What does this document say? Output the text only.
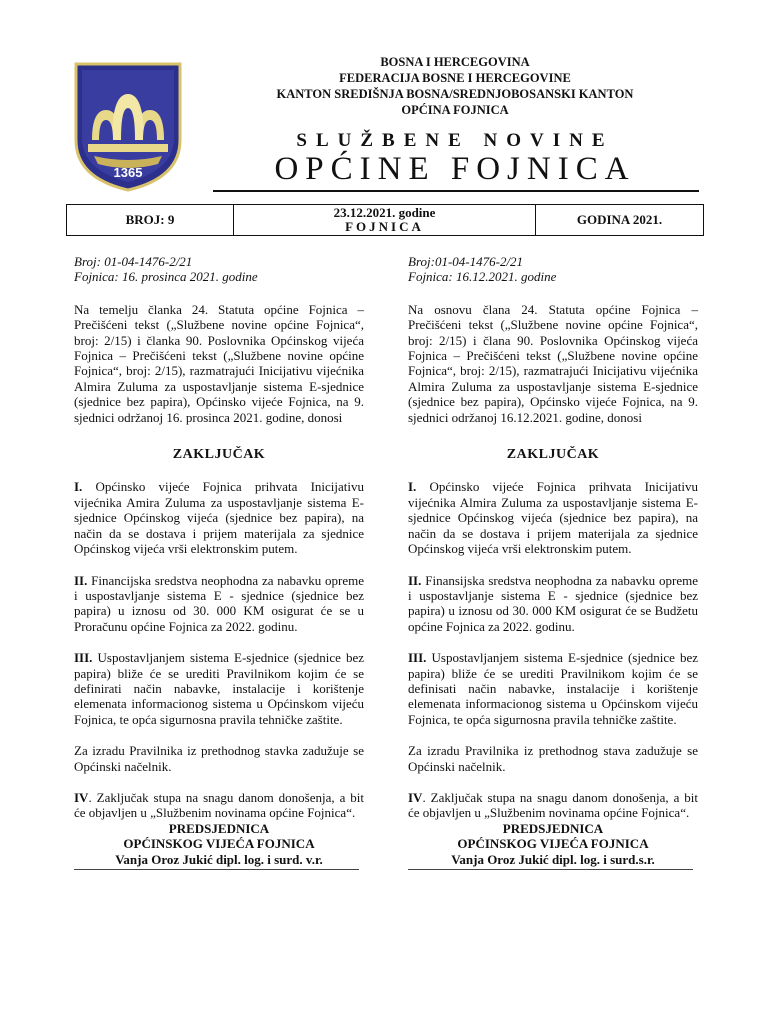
1365
BOSNA I HERCEGOVINA
FEDERACIJA BOSNE I HERCEGOVINE
KANTON SREDIŠNJA BOSNA/SREDNJOBOSANSKI KANTON
OPĆINA FOJNICA
SLUŽBENE NOVINE
OPĆINE FOJNICA
BROJ: 9	23.12.2021. godine
FOJNICA	GODINA 2021.

Broj: 01-04-1476-2/21

Fojnica: 16. prosinca 2021. godine

Na temelju članka 24. Statuta općine Fojnica – Prečišćeni tekst („Službene novine općine Fojnica“, broj: 2/15) i članka 90. Poslovnika Općinskog vijeća Fojnica – Prečišćeni tekst („Službene novine općine Fojnica“, broj: 2/15), razmatrajući Inicijativu vijećnika Almira Zuluma za uspostavljanje sistema E-sjednice (sjednice bez papira), Općinsko vijeće Fojnica, na 9. sjednici održanoj 16. prosinca 2021. godine, donosi

ZAKLJUČAK

I. Općinsko vijeće Fojnica prihvata Inicijativu vijećnika Amira Zuluma za uspostavljanje sistema E-sjednice Općinskog vijeća (sjednice bez papira), na način da se dostava i prijem materijala za sjednice Općinskog vijeća vrši elektronskim putem.

II. Financijska sredstva neophodna za nabavku opreme i uspostavljanje sistema E - sjednice (sjednice bez papira) u iznosu od 30. 000 KM osigurat će se u Proračunu općine Fojnica za 2022. godinu.

III. Uspostavljanjem sistema E-sjednice (sjednice bez papira) bliže će se urediti Pravilnikom kojim će se definirati način nabavke, instalacije i korištenje elemenata informacionog sistema u Općinskom vijeću Fojnica, te opća sigurnosna pravila tehničke zaštite.

Za izradu Pravilnika iz prethodnog stavka zadužuje se Općinski načelnik.

IV. Zaključak stupa na snagu danom donošenja, a bit će objavljen u „Službenim novinama općine Fojnica“.

PREDSJEDNICA
OPĆINSKOG VIJEĆA FOJNICA
Vanja Oroz Jukić dipl. log. i surd. v.r.

Broj:01-04-1476-2/21

Fojnica: 16.12.2021. godine

Na osnovu člana 24. Statuta općine Fojnica – Prečišćeni tekst („Službene novine općine Fojnica“, broj: 2/15) i člana 90. Poslovnika Općinskog vijeća Fojnica – Prečišćeni tekst („Službene novine općine Fojnica“, broj: 2/15), razmatrajući Inicijativu vijećnika Almira Zuluma za uspostavljanje sistema E-sjednice (sjednice bez papira), Općinsko vijeće Fojnica, na 9. sjednici održanoj 16.12.2021. godine, donosi

ZAKLJUČAK

I. Općinsko vijeće Fojnica prihvata Inicijativu vijećnika Almira Zuluma za uspostavljanje sistema E-sjednice Općinskog vijeća (sjednice bez papira), na način da se dostava i prijem materijala za sjednice Općinskog vijeća vrši elektronskim putem.

II. Finansijska sredstva neophodna za nabavku opreme i uspostavljanje sistema E - sjednice (sjednice bez papira) u iznosu od 30. 000 KM osigurat će se Budžetu općine Fojnica za 2022. godinu.

III. Uspostavljanjem sistema E-sjednice (sjednice bez papira) bliže će se urediti Pravilnikom kojim će se definisati način nabavke, instalacije i korištenje elemenata informacionog sistema u Općinskom vijeću Fojnica, te opća sigurnosna pravila tehničke zaštite.

Za izradu Pravilnika iz prethodnog stava zadužuje se Općinski načelnik.

IV. Zaključak stupa na snagu danom donošenja, a bit će objavljen u „Službenim novinama općine Fojnica“.

PREDSJEDNICA
OPĆINSKOG VIJEĆA FOJNICA
Vanja Oroz Jukić dipl. log. i surd.s.r.
